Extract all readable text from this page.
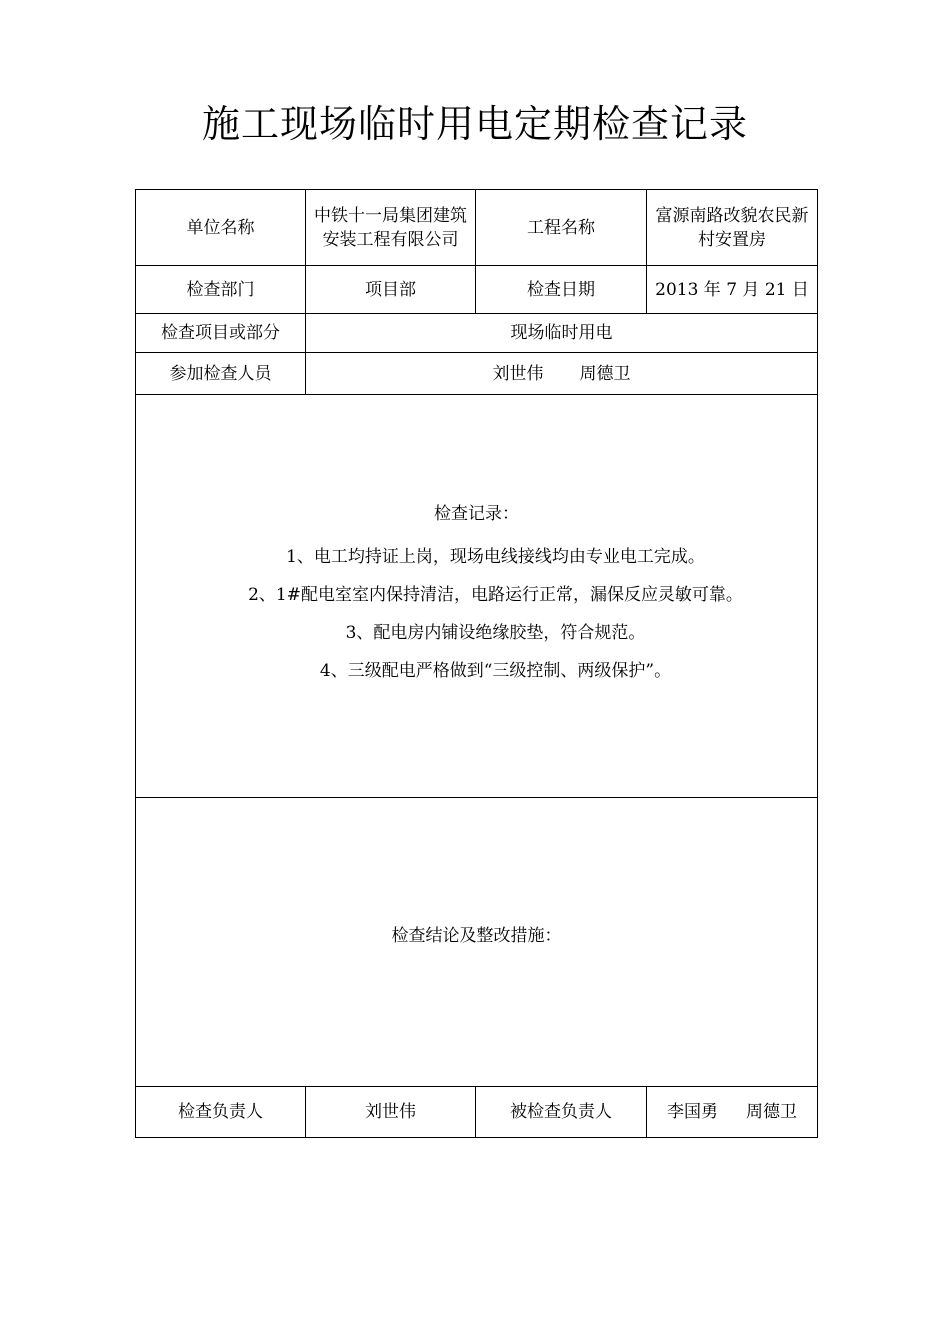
施工现场临时用电定期检查记录
单位名称	中铁十一局集团建筑安装工程有限公司	工程名称	富源南路改貌农民新村安置房
检查部门	项目部	检查日期	2013 年 7 月 21 日
检查项目或部分	现场临时用电		
参加检查人员	刘世伟 周德卫		

检查记录：
1、电工均持证上岗，现场电线接线均由专业电工完成。
2、1#配电室室内保持清洁，电路运行正常，漏保反应灵敏可靠。
3、配电房内铺设绝缘胶垫，符合规范。
4、三级配电严格做到“三级控制、两级保护”。			

检查结论及整改措施：			

检查负责人	刘世伟	被检查负责人	李国勇 周德卫
